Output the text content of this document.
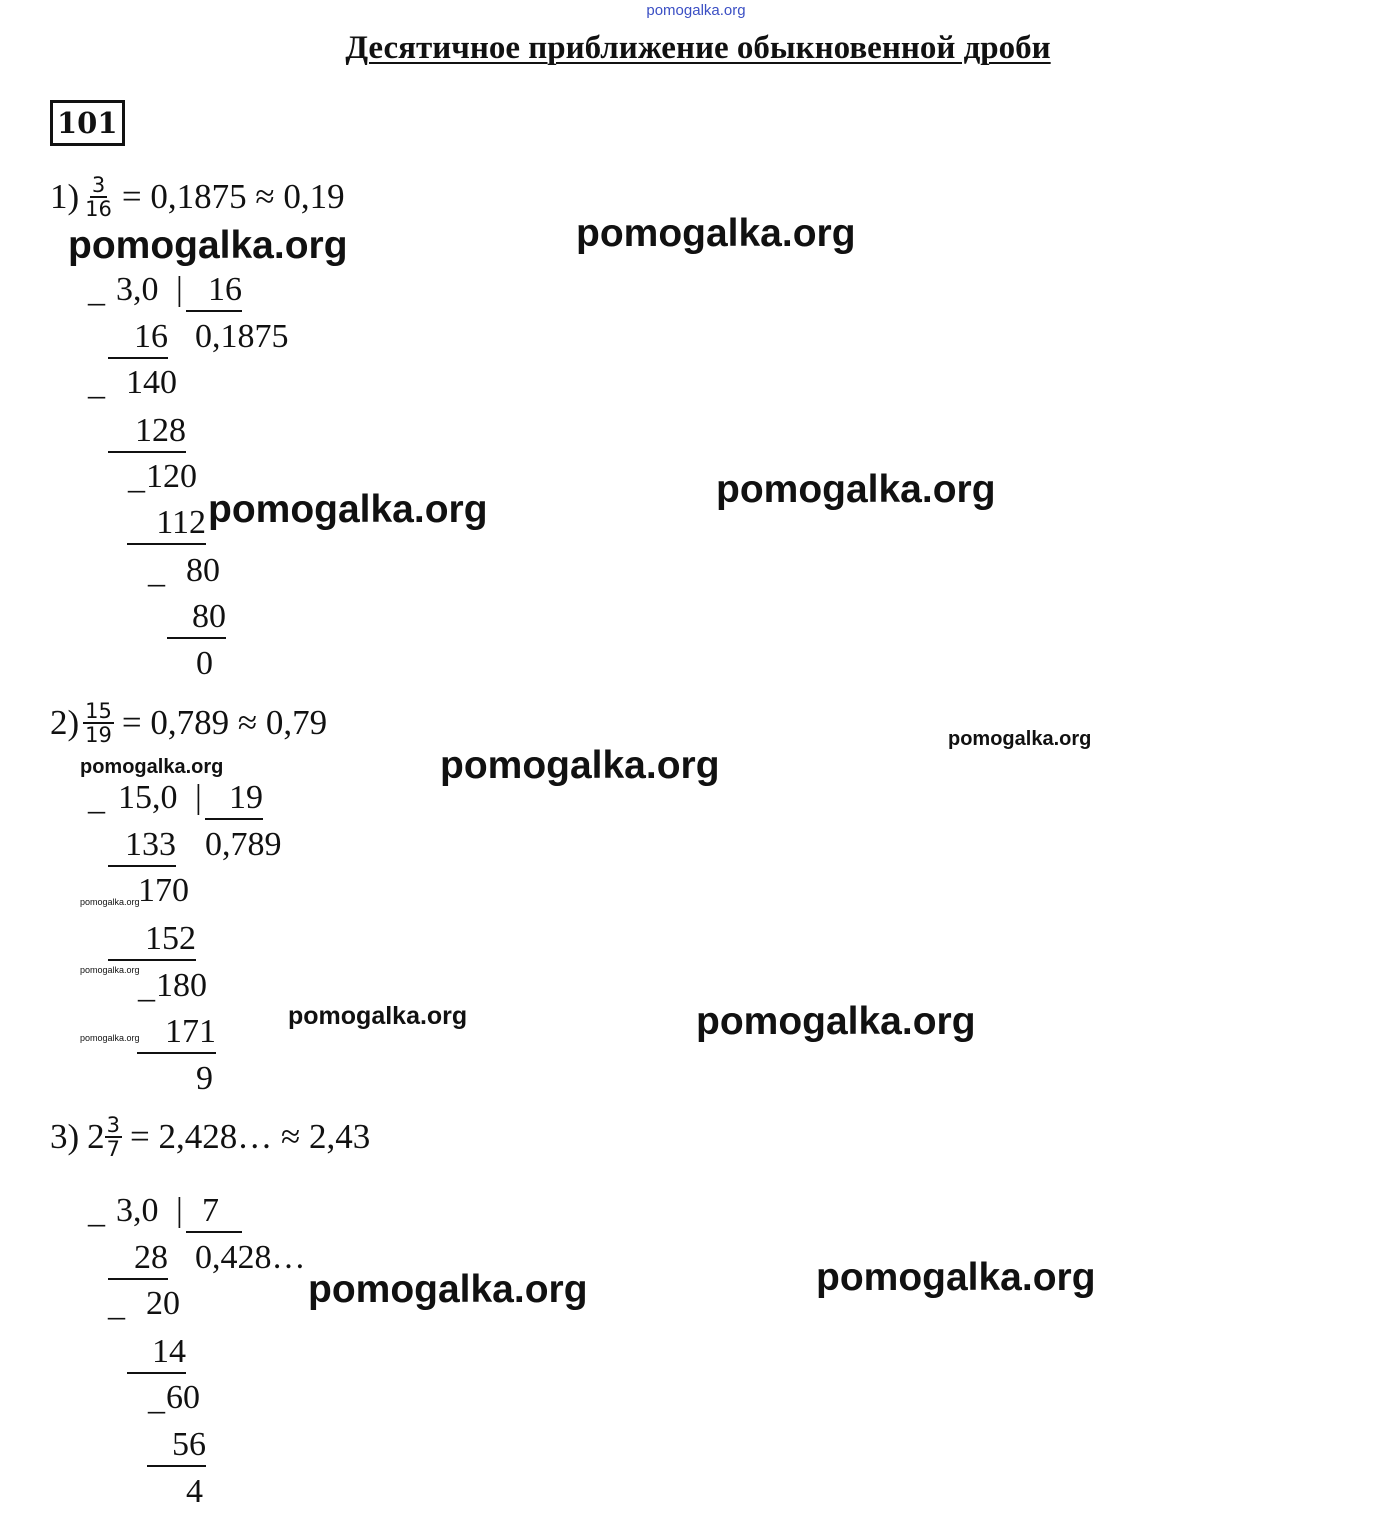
pomogalka.org
Десятичное приближение обыкновенной дроби
101
$1) \frac{3}{16} = 0,1875 \approx 0,19$
_ 3,0 | 16
16 0,1875
_ 140
128
_ 120
112
_ 80
80
0
$2) \frac{15}{19} = 0,789 \approx 0,79$
_ 15,0 | 19
133 0,789
170
152
_ 180
171
9
3) $2 \frac{3}{7}$ = 2,428… ≈ 2,43
_ 3,0 | 7
28 0,428…
_ 20
14
_ 60
56
4
pomogalka.org	pomogalka.org
pomogalka.org	pomogalka.org
pomogalka.org	pomogalka.org
pomogalka.org
pomogalka.org
pomogalka.org
pomogalka.org
pomogalka.org	pomogalka.org
pomogalka.org	pomogalka.org
